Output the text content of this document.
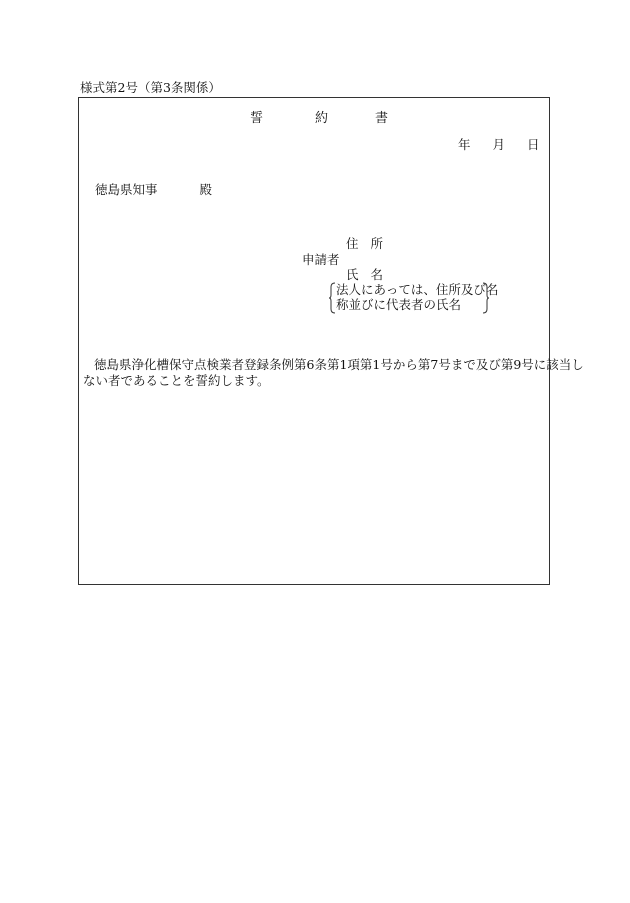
様式第2号（第3条関係）
誓	約	書
年 月 日
徳島県知事	殿
住 所
申請者
氏 名
法人にあっては、住所及び名
称並びに代表者の氏名
徳島県浄化槽保守点検業者登録条例第6条第1項第1号から第7号まで及び第9号に該当し
ない者であることを誓約します。
